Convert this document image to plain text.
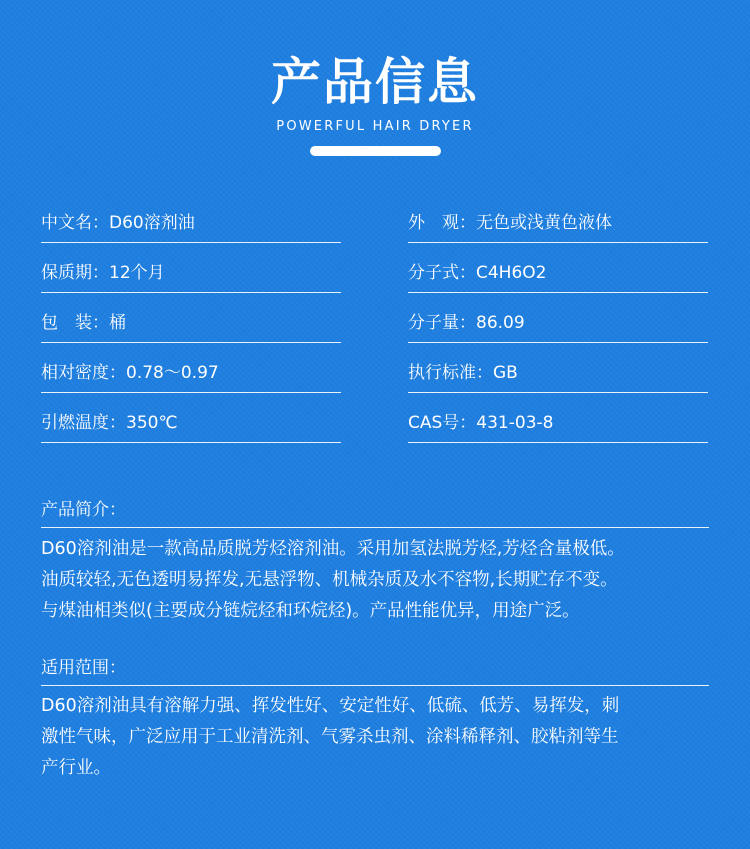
产品信息
POWERFUL HAIR DRYER
中文名：D60溶剂油
保质期：12个月
包　装：桶
相对密度：0.78～0.97
引燃温度：350℃
外　观：无色或浅黄色液体
分子式：C4H6O2
分子量：86.09
执行标准：GB
CAS号：431-03-8
产品简介：
D60溶剂油是一款高品质脱芳烃溶剂油。采用加氢法脱芳烃,芳烃含量极低。
油质较轻,无色透明易挥发,无悬浮物、机械杂质及水不容物,长期贮存不变。
与煤油相类似(主要成分链烷烃和环烷烃)。产品性能优异，用途广泛。
适用范围：
D60溶剂油具有溶解力强、挥发性好、安定性好、低硫、低芳、易挥发，刺
激性气味，广泛应用于工业清洗剂、气雾杀虫剂、涂料稀释剂、胶粘剂等生
产行业。
